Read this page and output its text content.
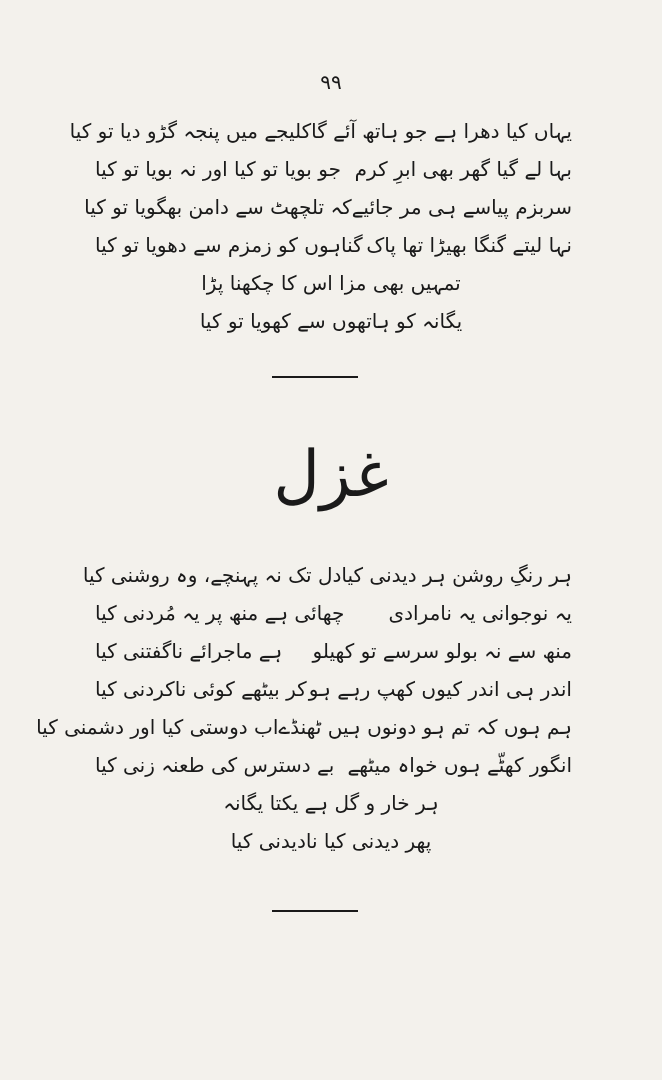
۹۹
یہاں کیا دھرا ہے جو ہاتھ آئے گا
کلیجے میں پنجہ گڑو دیا تو کیا
بہا لے گیا گھر بھی ابرِ کرم
جو بویا تو کیا اور نہ بویا تو کیا
سربزم پیاسے ہی مر جائیے
کہ تلچھٹ سے دامن بھگویا تو کیا
نہا لیتے گنگا بھیڑا تھا پاک
گناہوں کو زمزم سے دھویا تو کیا
تمہیں بھی مزا اس کا چکھنا پڑا
یگانہ کو ہاتھوں سے کھویا تو کیا
غزل
ہر رنگِ روشن ہر دیدنی کیا
دل تک نہ پہنچے، وہ روشنی کیا
یہ نوجوانی یہ نامرادی
چھائی ہے منھ پر یہ مُردنی کیا
منھ سے نہ بولو سرسے تو کھیلو
ہے ماجرائے ناگفتنی کیا
اندر ہی اندر کیوں کھپ رہے ہو
کر بیٹھے کوئی ناکردنی کیا
ہم ہوں کہ تم ہو دونوں ہیں ٹھنڈے
اب دوستی کیا اور دشمنی کیا
انگور کھٹّے ہوں خواہ میٹھے
بے دسترس کی طعنہ زنی کیا
ہر خار و گل ہے یکتا یگانہ
پھر دیدنی کیا نادیدنی کیا
